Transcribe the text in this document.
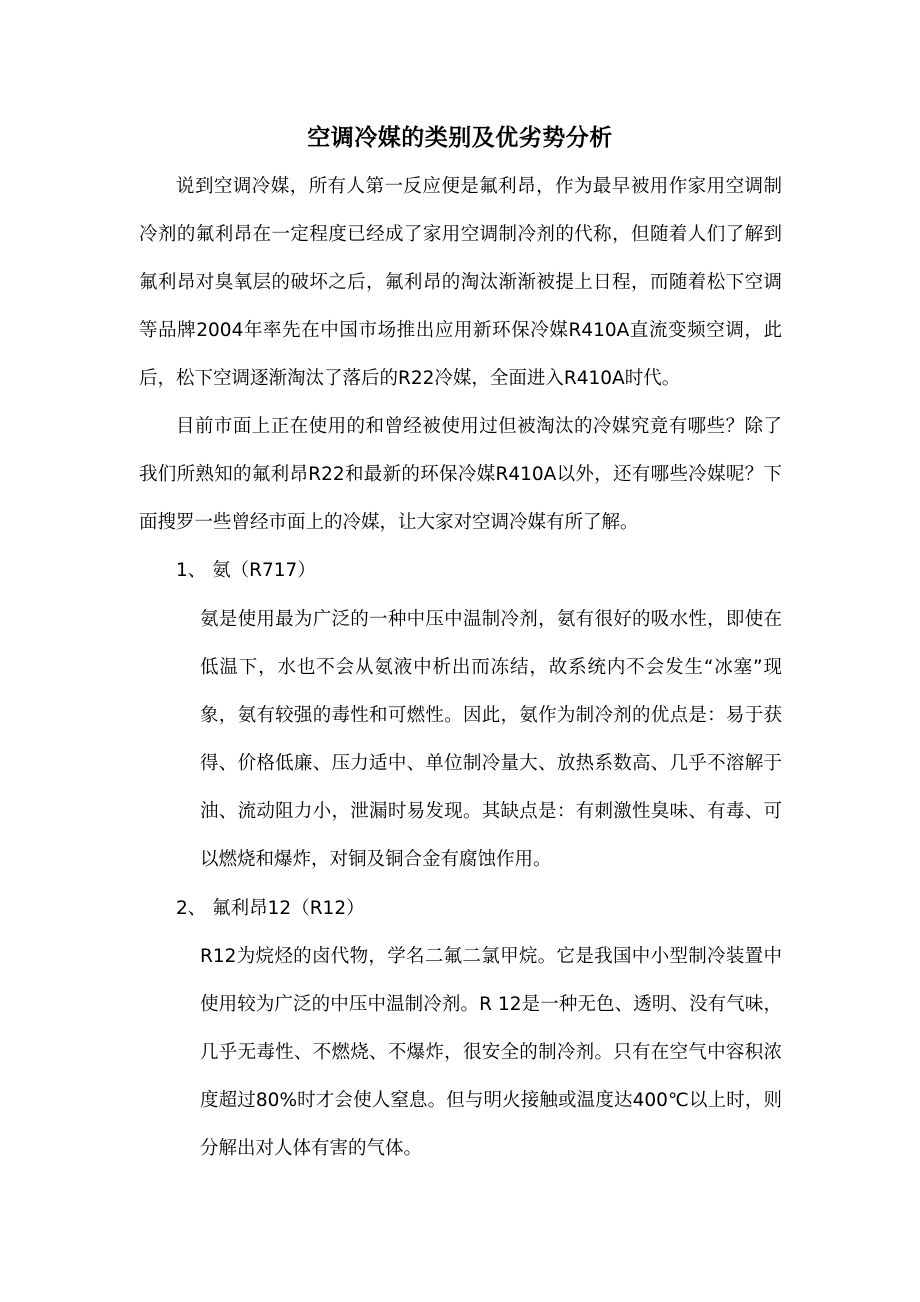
空调冷媒的类别及优劣势分析
说到空调冷媒，所有人第一反应便是氟利昂，作为最早被用作家用空调制冷剂的氟利昂在一定程度已经成了家用空调制冷剂的代称，但随着人们了解到氟利昂对臭氧层的破坏之后，氟利昂的淘汰渐渐被提上日程，而随着松下空调等品牌2004年率先在中国市场推出应用新环保冷媒R410A直流变频空调，此后，松下空调逐渐淘汰了落后的R22冷媒，全面进入R410A时代。
目前市面上正在使用的和曾经被使用过但被淘汰的冷媒究竟有哪些？除了我们所熟知的氟利昂R22和最新的环保冷媒R410A以外，还有哪些冷媒呢？下面搜罗一些曾经市面上的冷媒，让大家对空调冷媒有所了解。
1、 氨（R717）
氨是使用最为广泛的一种中压中温制冷剂，氨有很好的吸水性，即使在低温下，水也不会从氨液中析出而冻结，故系统内不会发生“冰塞”现象，氨有较强的毒性和可燃性。因此，氨作为制冷剂的优点是：易于获得、价格低廉、压力适中、单位制冷量大、放热系数高、几乎不溶解于油、流动阻力小，泄漏时易发现。其缺点是：有刺激性臭味、有毒、可以燃烧和爆炸，对铜及铜合金有腐蚀作用。
2、 氟利昂12（R12）
R12为烷烃的卤代物，学名二氟二氯甲烷。它是我国中小型制冷装置中使用较为广泛的中压中温制冷剂。R 12是一种无色、透明、没有气味，几乎无毒性、不燃烧、不爆炸，很安全的制冷剂。只有在空气中容积浓度超过80%时才会使人窒息。但与明火接触或温度达400℃以上时，则分解出对人体有害的气体。
